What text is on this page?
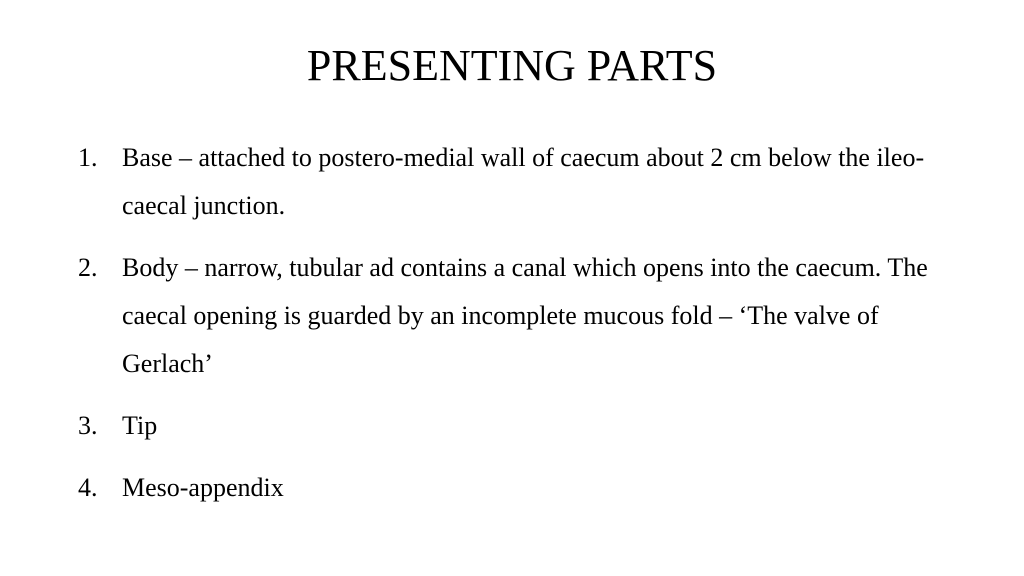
PRESENTING PARTS
1. Base – attached to postero-medial wall of caecum about 2 cm below the ileo-caecal junction.
2. Body – narrow, tubular ad contains a canal which opens into the caecum. The caecal opening is guarded by an incomplete mucous fold – ‘The valve of Gerlach’
3. Tip
4. Meso-appendix
